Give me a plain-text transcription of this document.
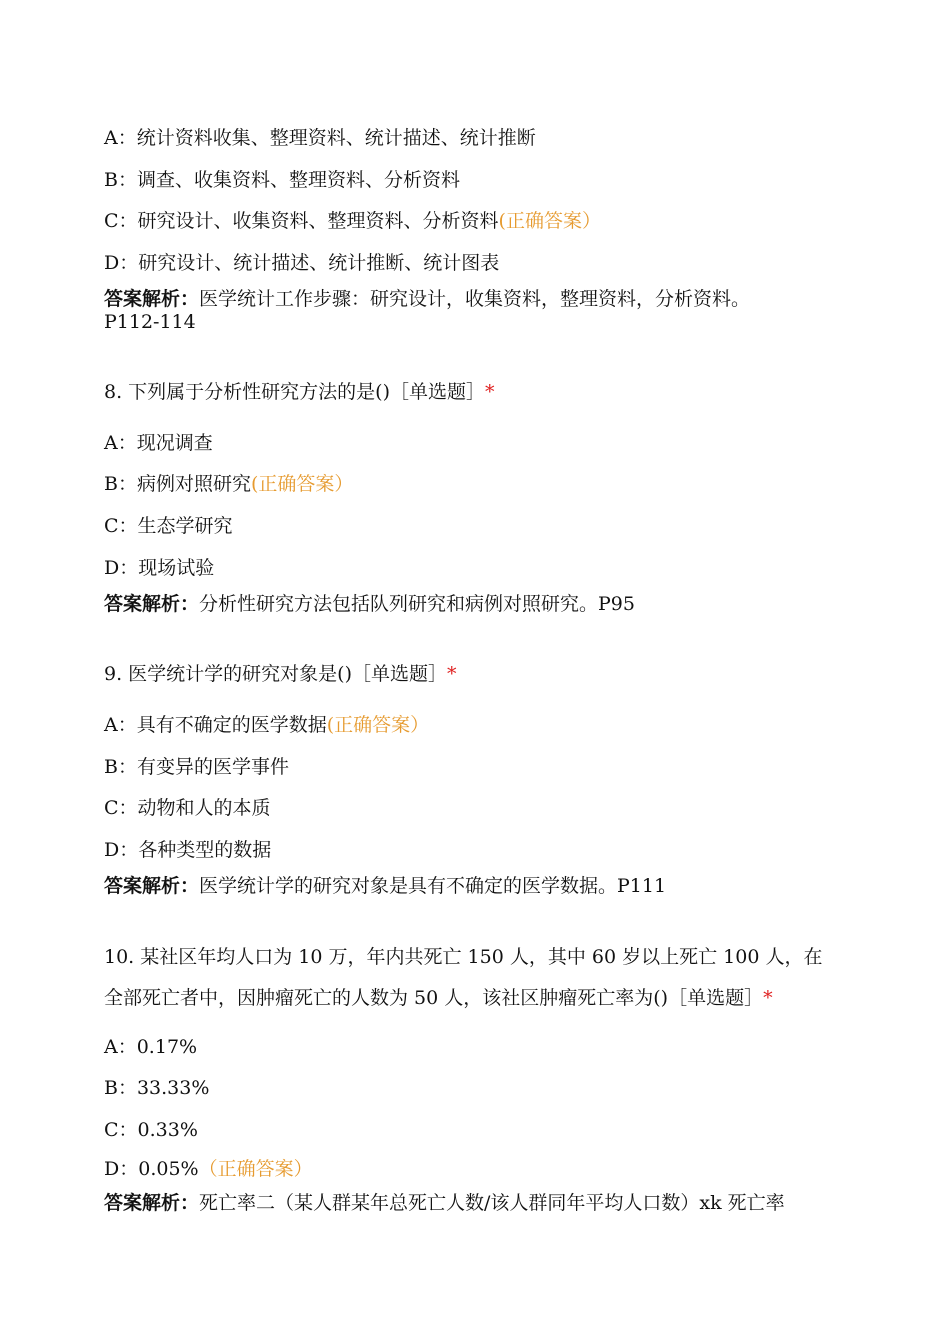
A：统计资料收集、整理资料、统计描述、统计推断
B：调查、收集资料、整理资料、分析资料
C：研究设计、收集资料、整理资料、分析资料(正确答案）
D：研究设计、统计描述、统计推断、统计图表
答案解析：医学统计工作步骤：研究设计，收集资料，整理资料，分析资料。
P112-114
8. 下列属于分析性研究方法的是()［单选题］*
A：现况调查
B：病例对照研究(正确答案）
C：生态学研究
D：现场试验
答案解析：分析性研究方法包括队列研究和病例对照研究。P95
9. 医学统计学的研究对象是()［单选题］*
A：具有不确定的医学数据(正确答案）
B：有变异的医学事件
C：动物和人的本质
D：各种类型的数据
答案解析：医学统计学的研究对象是具有不确定的医学数据。P111
10. 某社区年均人口为 10 万，年内共死亡 150 人，其中 60 岁以上死亡 100 人，在
全部死亡者中，因肿瘤死亡的人数为 50 人，该社区肿瘤死亡率为()［单选题］*
A：0.17%
B：33.33%
C：0.33%
D：0.05%（正确答案）
答案解析：死亡率二（某人群某年总死亡人数/该人群同年平均人口数）xk 死亡率
